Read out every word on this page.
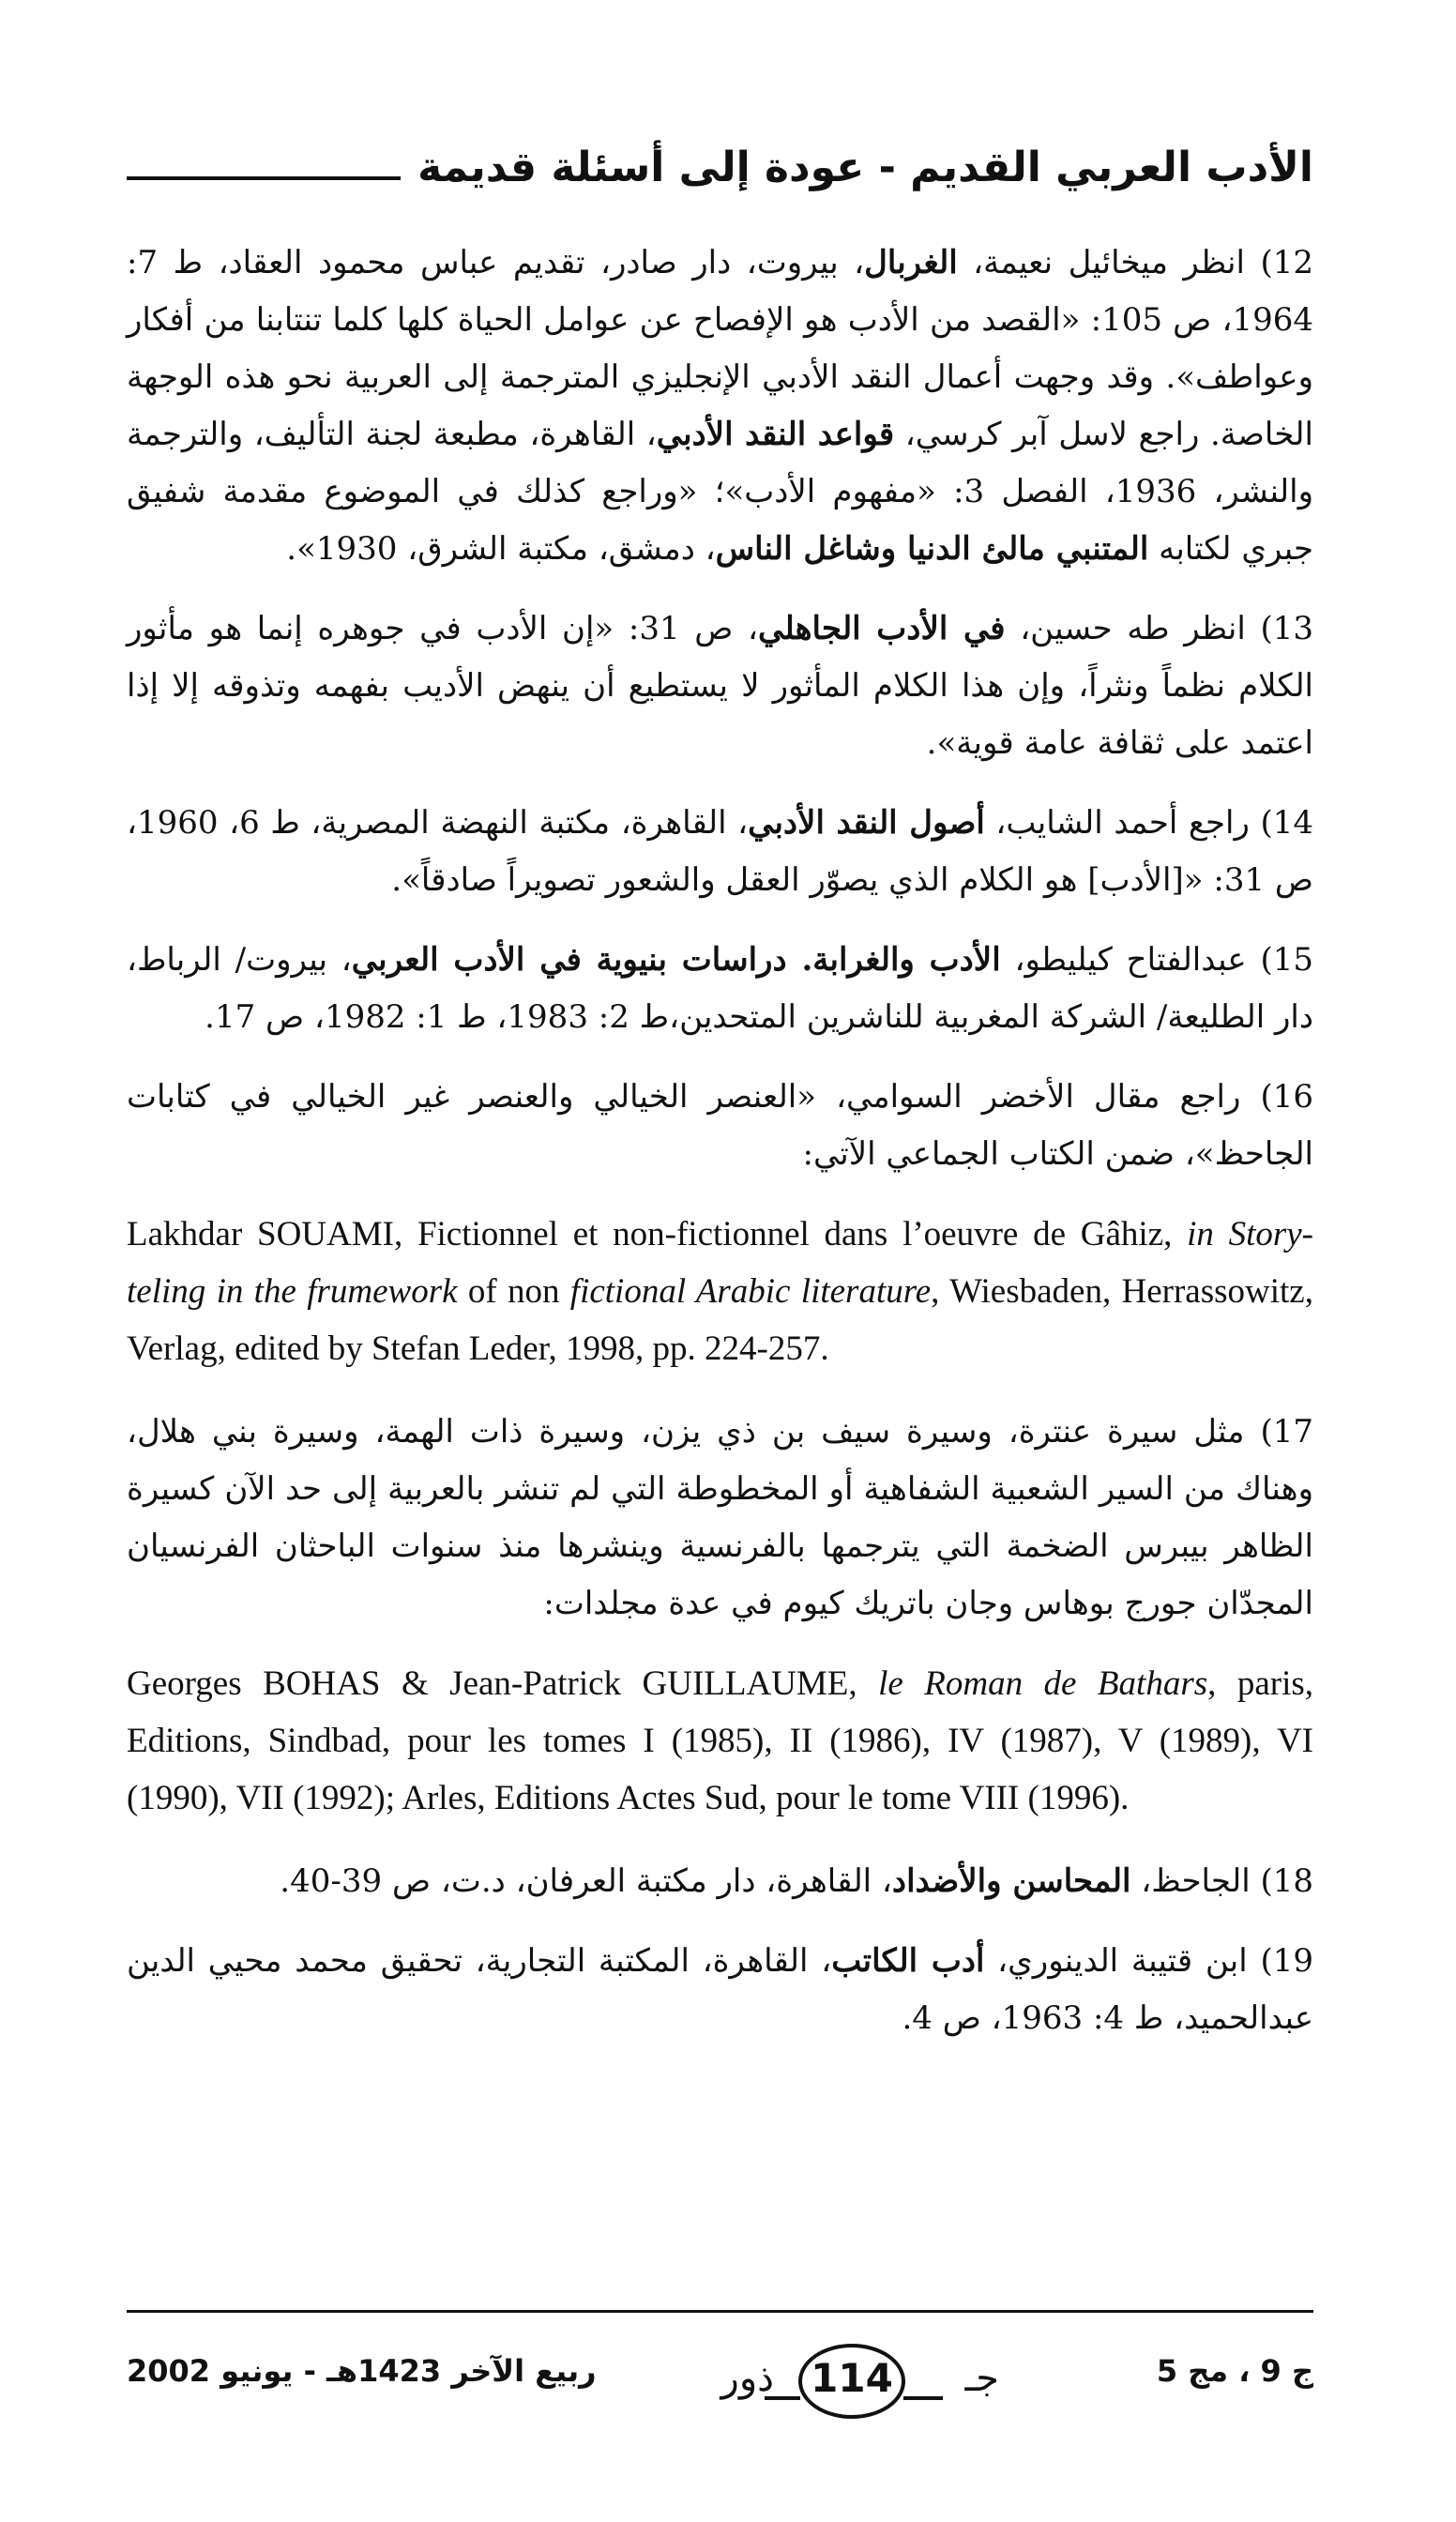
الأدب العربي القديم - عودة إلى أسئلة قديمة

12) انظر ميخائيل نعيمة، الغربال، بيروت، دار صادر، تقديم عباس محمود العقاد، ط 7: 1964، ص 105: «القصد من الأدب هو الإفصاح عن عوامل الحياة كلها كلما تنتابنا من أفكار وعواطف». وقد وجهت أعمال النقد الأدبي الإنجليزي المترجمة إلى العربية نحو هذه الوجهة الخاصة. راجع لاسل آبر كرسي، قواعد النقد الأدبي، القاهرة، مطبعة لجنة التأليف، والترجمة والنشر، 1936، الفصل 3: «مفهوم الأدب»؛ «وراجع كذلك في الموضوع مقدمة شفيق جبري لكتابه المتنبي مالئ الدنيا وشاغل الناس، دمشق، مكتبة الشرق، 1930».

13) انظر طه حسين، في الأدب الجاهلي، ص 31: «إن الأدب في جوهره إنما هو مأثور الكلام نظماً ونثراً، وإن هذا الكلام المأثور لا يستطيع أن ينهض الأديب بفهمه وتذوقه إلا إذا اعتمد على ثقافة عامة قوية».

14) راجع أحمد الشايب، أصول النقد الأدبي، القاهرة، مكتبة النهضة المصرية، ط 6، 1960، ص 31: «[الأدب] هو الكلام الذي يصوّر العقل والشعور تصويراً صادقاً».

15) عبدالفتاح كيليطو، الأدب والغرابة. دراسات بنيوية في الأدب العربي، بيروت/ الرباط، دار الطليعة/ الشركة المغربية للناشرين المتحدين،ط 2: 1983، ط 1: 1982، ص 17.

16) راجع مقال الأخضر السوامي، «العنصر الخيالي والعنصر غير الخيالي في كتابات الجاحظ»، ضمن الكتاب الجماعي الآتي:

Lakhdar SOUAMI, Fictionnel et non-fictionnel dans l’oeuvre de Gâhiz, in Story-teling in the frumework of non fictional Arabic literature, Wiesbaden, Herrassowitz, Verlag, edited by Stefan Leder, 1998, pp. 224-257.

17) مثل سيرة عنترة، وسيرة سيف بن ذي يزن، وسيرة ذات الهمة، وسيرة بني هلال، وهناك من السير الشعبية الشفاهية أو المخطوطة التي لم تنشر بالعربية إلى حد الآن كسيرة الظاهر بيبرس الضخمة التي يترجمها بالفرنسية وينشرها منذ سنوات الباحثان الفرنسيان المجدّان جورج بوهاس وجان باتريك كيوم في عدة مجلدات:

Georges BOHAS & Jean-Patrick GUILLAUME, le Roman de Bathars, paris, Editions, Sindbad, pour les tomes I (1985), II (1986), IV (1987), V (1989), VI (1990), VII (1992); Arles, Editions Actes Sud, pour le tome VIII (1996).

18) الجاحظ، المحاسن والأضداد، القاهرة، دار مكتبة العرفان، د.ت، ص 39-40.

19) ابن قتيبة الدينوري، أدب الكاتب، القاهرة، المكتبة التجارية، تحقيق محمد محيي الدين عبدالحميد، ط 4: 1963، ص 4.

ربيع الآخر 1423هـ - يونيو 2002	ذور 114	جـ	ج 9 ، مج 5
